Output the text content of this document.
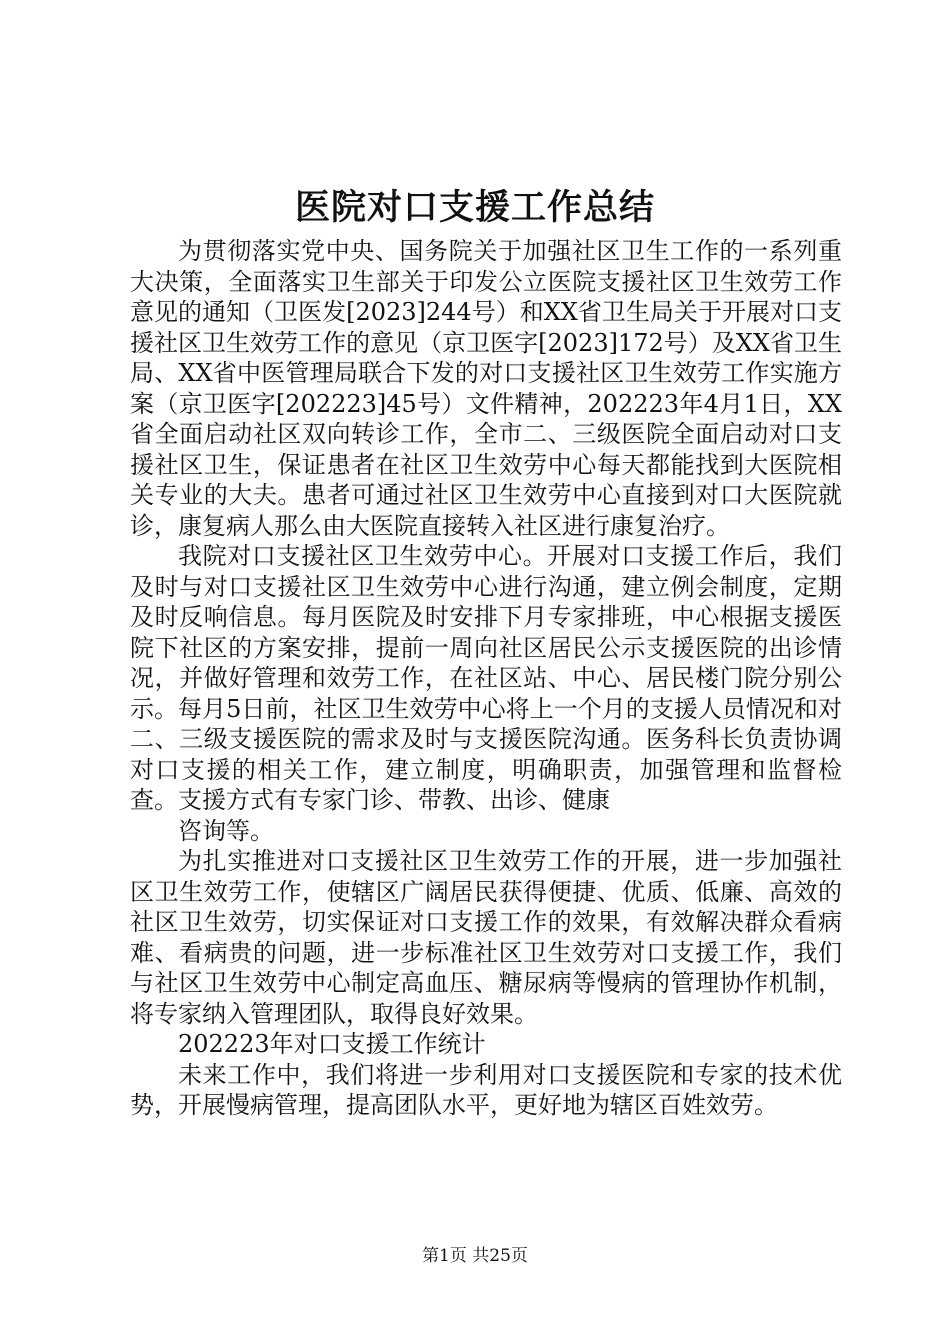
医院对口支援工作总结

为贯彻落实党中央、国务院关于加强社区卫生工作的一系列重大决策，全面落实卫生部关于印发公立医院支援社区卫生效劳工作意见的通知（卫医发[2023]244号）和XX省卫生局关于开展对口支援社区卫生效劳工作的意见（京卫医字[2023]172号）及XX省卫生局、XX省中医管理局联合下发的对口支援社区卫生效劳工作实施方案（京卫医字[202223]45号）文件精神，202223年4月1日，XX省全面启动社区双向转诊工作，全市二、三级医院全面启动对口支援社区卫生，保证患者在社区卫生效劳中心每天都能找到大医院相关专业的大夫。患者可通过社区卫生效劳中心直接到对口大医院就诊，康复病人那么由大医院直接转入社区进行康复治疗。

我院对口支援社区卫生效劳中心。开展对口支援工作后，我们及时与对口支援社区卫生效劳中心进行沟通，建立例会制度，定期及时反响信息。每月医院及时安排下月专家排班，中心根据支援医院下社区的方案安排，提前一周向社区居民公示支援医院的出诊情况，并做好管理和效劳工作，在社区站、中心、居民楼门院分别公示。每月5日前，社区卫生效劳中心将上一个月的支援人员情况和对二、三级支援医院的需求及时与支援医院沟通。医务科长负责协调对口支援的相关工作，建立制度，明确职责，加强管理和监督检查。支援方式有专家门诊、带教、出诊、健康

咨询等。

为扎实推进对口支援社区卫生效劳工作的开展，进一步加强社区卫生效劳工作，使辖区广阔居民获得便捷、优质、低廉、高效的社区卫生效劳，切实保证对口支援工作的效果，有效解决群众看病难、看病贵的问题，进一步标准社区卫生效劳对口支援工作，我们与社区卫生效劳中心制定高血压、糖尿病等慢病的管理协作机制，将专家纳入管理团队，取得良好效果。

202223年对口支援工作统计

未来工作中，我们将进一步利用对口支援医院和专家的技术优势，开展慢病管理，提高团队水平，更好地为辖区百姓效劳。

第1页 共25页
